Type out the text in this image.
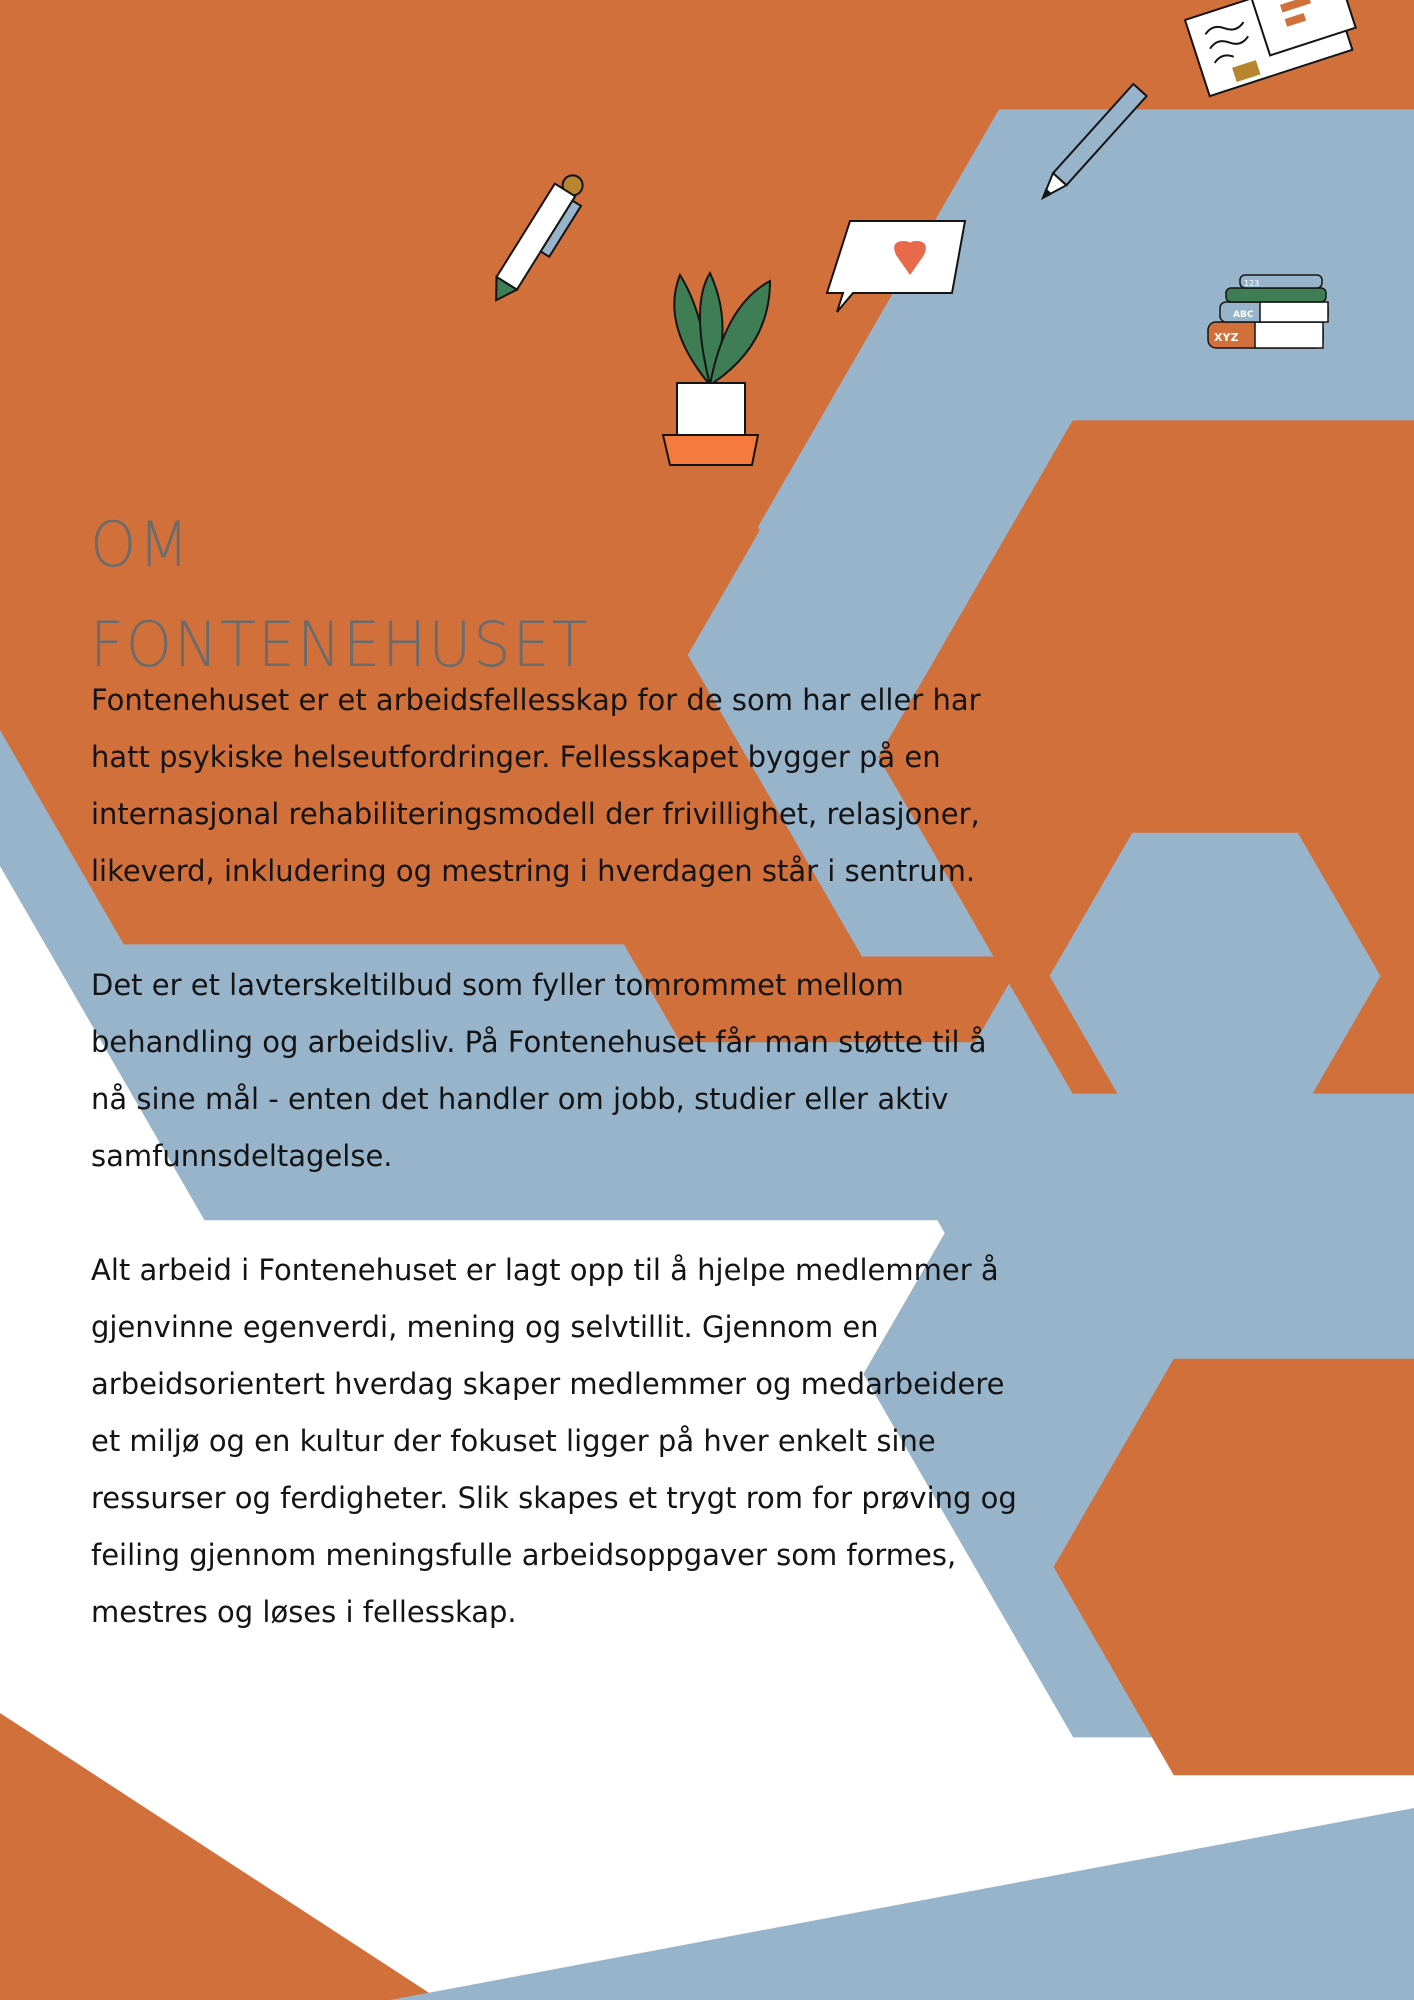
XYZ
ABC
123
OM
FONTENEHUSET

Fontenehuset er et arbeidsfellesskap for de som har eller har hatt psykiske helseutfordringer. Fellesskapet bygger på en internasjonal rehabiliteringsmodell der frivillighet, relasjoner, likeverd, inkludering og mestring i hverdagen står i sentrum.

Det er et lavterskeltilbud som fyller tomrommet mellom behandling og arbeidsliv. På Fontenehuset får man støtte til å nå sine mål - enten det handler om jobb, studier eller aktiv samfunnsdeltagelse.

Alt arbeid i Fontenehuset er lagt opp til å hjelpe medlemmer å gjenvinne egenverdi, mening og selvtillit. Gjennom en arbeidsorientert hverdag skaper medlemmer og medarbeidere et miljø og en kultur der fokuset ligger på hver enkelt sine ressurser og ferdigheter. Slik skapes et trygt rom for prøving og feiling gjennom meningsfulle arbeidsoppgaver som formes, mestres og løses i fellesskap.
